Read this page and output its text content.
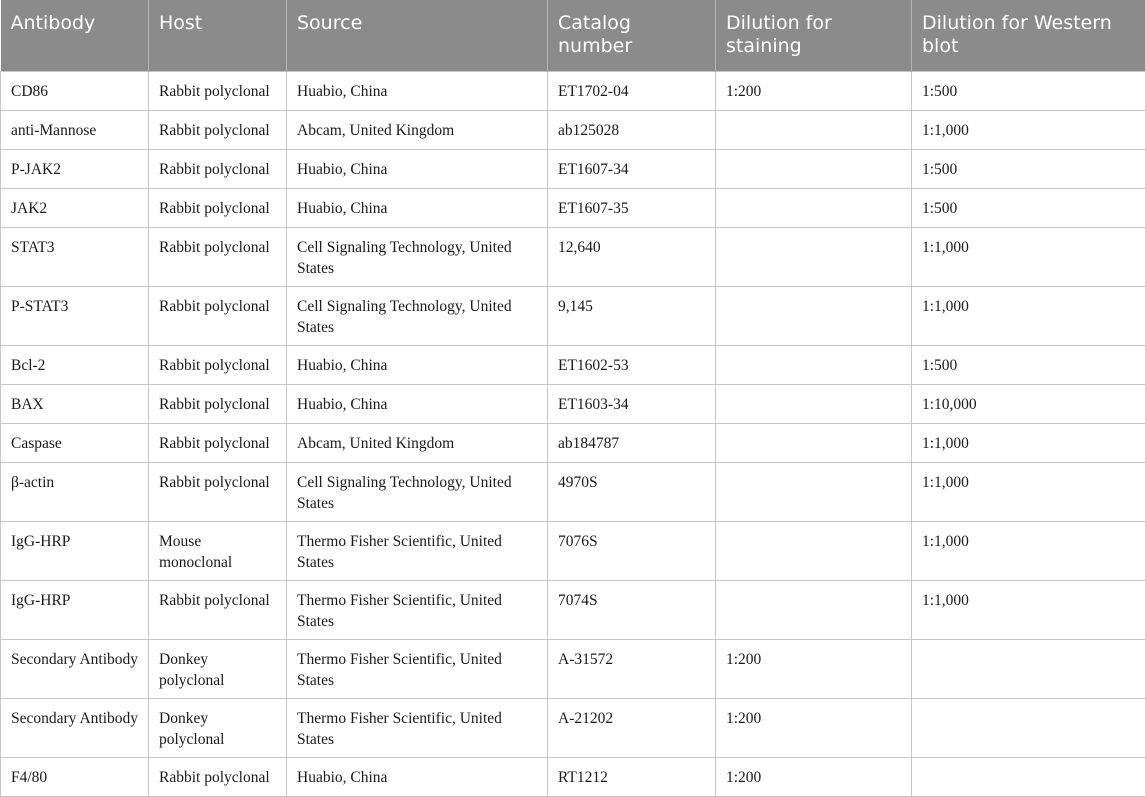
Antibody	Host	Source	Catalog number	Dilution for staining	Dilution for Western blot
CD86	Rabbit polyclonal	Huabio, China	ET1702-04	1:200	1:500
anti-Mannose	Rabbit polyclonal	Abcam, United Kingdom	ab125028		1:1,000
P-JAK2	Rabbit polyclonal	Huabio, China	ET1607-34		1:500
JAK2	Rabbit polyclonal	Huabio, China	ET1607-35		1:500
STAT3	Rabbit polyclonal	Cell Signaling Technology, United States	12,640		1:1,000
P-STAT3	Rabbit polyclonal	Cell Signaling Technology, United States	9,145		1:1,000
Bcl-2	Rabbit polyclonal	Huabio, China	ET1602-53		1:500
BAX	Rabbit polyclonal	Huabio, China	ET1603-34		1:10,000
Caspase	Rabbit polyclonal	Abcam, United Kingdom	ab184787		1:1,000
β-actin	Rabbit polyclonal	Cell Signaling Technology, United States	4970S		1:1,000
IgG-HRP	Mouse monoclonal	Thermo Fisher Scientific, United States	7076S		1:1,000
IgG-HRP	Rabbit polyclonal	Thermo Fisher Scientific, United States	7074S		1:1,000
Secondary Antibody	Donkey polyclonal	Thermo Fisher Scientific, United States	A-31572	1:200	
Secondary Antibody	Donkey polyclonal	Thermo Fisher Scientific, United States	A-21202	1:200	
F4/80	Rabbit polyclonal	Huabio, China	RT1212	1:200	
